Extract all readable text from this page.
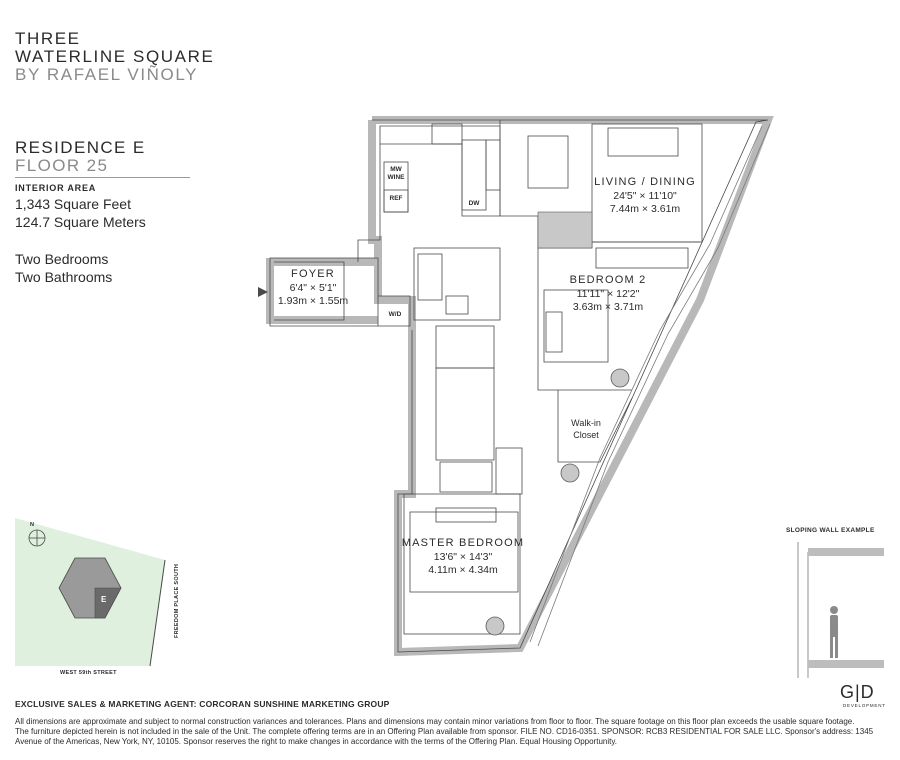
THREE
WATERLINE SQUARE
BY RAFAEL VIÑOLY
RESIDENCE E
FLOOR 25
INTERIOR AREA
1,343 Square Feet
124.7 Square Meters
Two Bedrooms
Two Bathrooms
MW
WINE
REF
DW
W/D
LIVING / DINING
24'5" × 11'10"
7.44m × 3.61m
BEDROOM 2
11'11" × 12'2"
3.63m × 3.71m
FOYER
6'4" × 5'1"
1.93m × 1.55m
MASTER BEDROOM
13'6" × 14'3"
4.11m × 4.34m
Walk-in
Closet
N
E
WEST 59th STREET
FREEDOM PLACE SOUTH
SLOPING WALL EXAMPLE
EXCLUSIVE SALES & MARKETING AGENT: CORCORAN SUNSHINE MARKETING GROUP
All dimensions are approximate and subject to normal construction variances and tolerances. Plans and dimensions may contain minor variations from floor to floor. The square footage on this floor plan exceeds the usable square footage.
The furniture depicted herein is not included in the sale of the Unit. The complete offering terms are in an Offering Plan available from sponsor. FILE NO. CD16-0351. SPONSOR: RCB3 RESIDENTIAL FOR SALE LLC. Sponsor's address: 1345
Avenue of the Americas, New York, NY, 10105. Sponsor reserves the right to make changes in accordance with the terms of the Offering Plan. Equal Housing Opportunity.
G|D
DEVELOPMENT
